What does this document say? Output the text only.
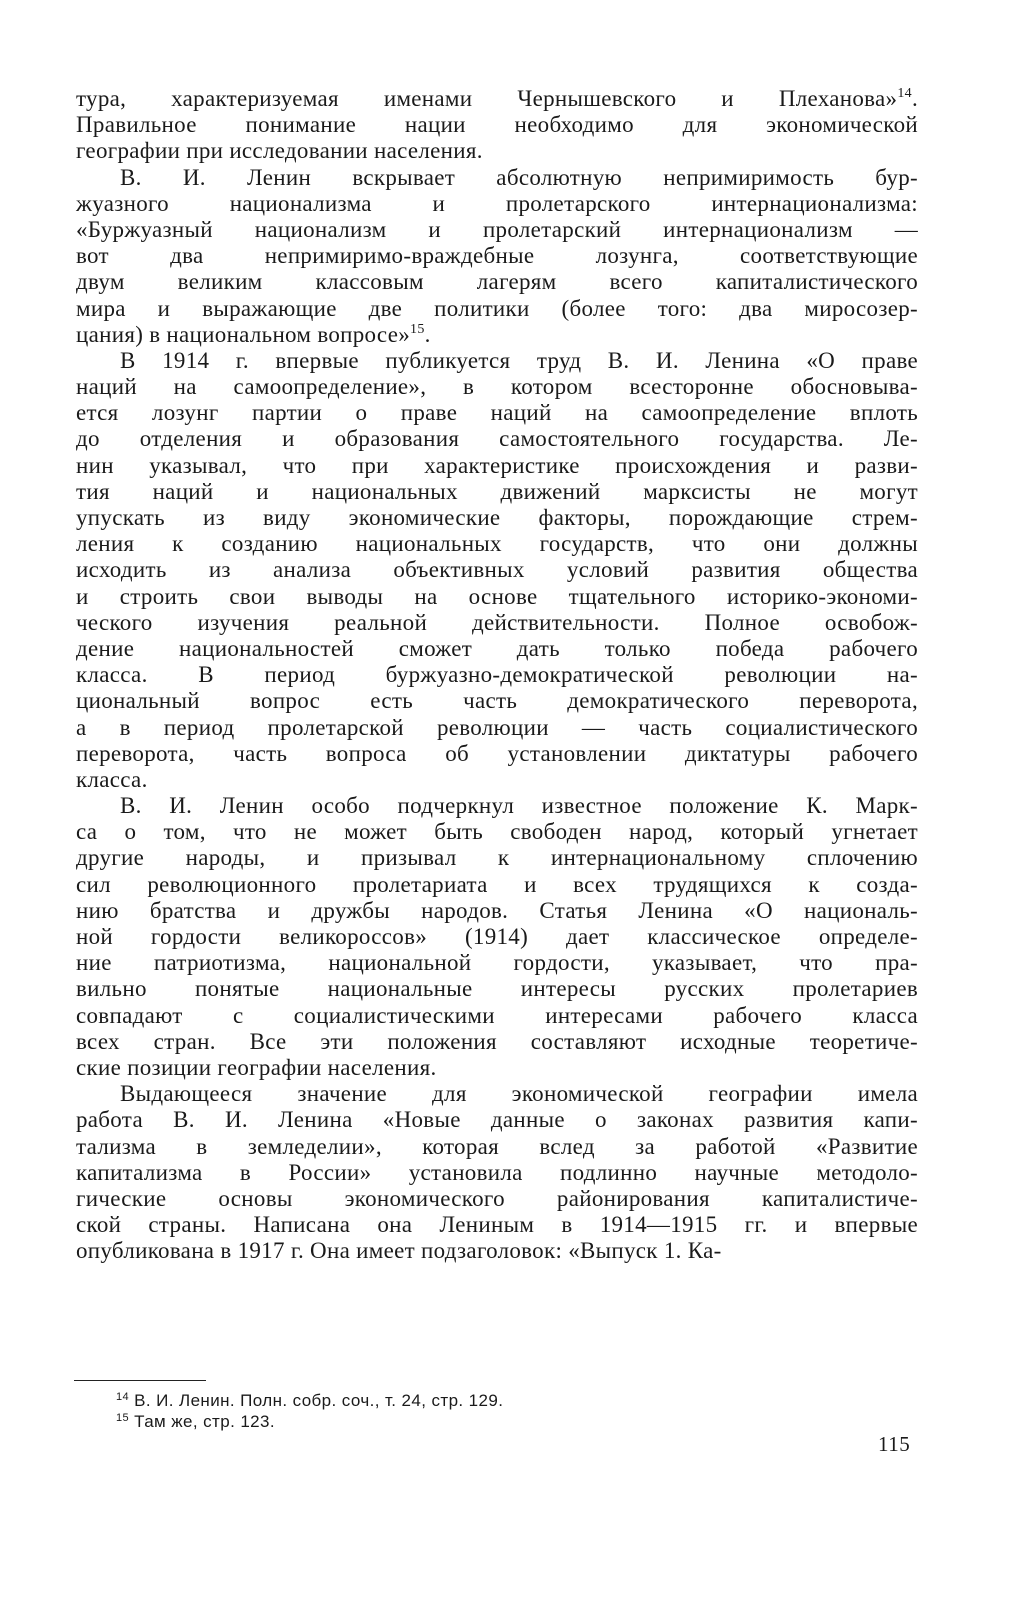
тура, характеризуемая именами Чернышевского и Плеханова»$^{14}$.
Правильное понимание нации необходимо для экономической
географии при исследовании населения.
В. И. Ленин вскрывает абсолютную непримиримость бур-
жуазного национализма и пролетарского интернационализма:
«Буржуазный национализм и пролетарский интернационализм —
вот два непримиримо-враждебные лозунга, соответствующие
двум великим классовым лагерям всего капиталистического
мира и выражающие две политики (более того: два миросозер-
цания) в национальном вопросе»$^{15}$.
В 1914 г. впервые публикуется труд В. И. Ленина «О праве
наций на самоопределение», в котором всесторонне обосновыва-
ется лозунг партии о праве наций на самоопределение вплоть
до отделения и образования самостоятельного государства. Ле-
нин указывал, что при характеристике происхождения и разви-
тия наций и национальных движений марксисты не могут
упускать из виду экономические факторы, порождающие стрем-
ления к созданию национальных государств, что они должны
исходить из анализа объективных условий развития общества
и строить свои выводы на основе тщательного историко-экономи-
ческого изучения реальной действительности. Полное освобож-
дение национальностей сможет дать только победа рабочего
класса. В период буржуазно-демократической революции на-
циональный вопрос есть часть демократического переворота,
а в период пролетарской революции — часть социалистического
переворота, часть вопроса об установлении диктатуры рабочего
класса.
В. И. Ленин особо подчеркнул известное положение К. Марк-
са о том, что не может быть свободен народ, который угнетает
другие народы, и призывал к интернациональному сплочению
сил революционного пролетариата и всех трудящихся к созда-
нию братства и дружбы народов. Статья Ленина «О националь-
ной гордости великороссов» (1914) дает классическое определе-
ние патриотизма, национальной гордости, указывает, что пра-
вильно понятые национальные интересы русских пролетариев
совпадают с социалистическими интересами рабочего класса
всех стран. Все эти положения составляют исходные теоретиче-
ские позиции географии населения.
Выдающееся значение для экономической географии имела
работа В. И. Ленина «Новые данные о законах развития капи-
тализма в земледелии», которая вслед за работой «Развитие
капитализма в России» установила подлинно научные методоло-
гические основы экономического районирования капиталистиче-
ской страны. Написана она Лениным в 1914—1915 гг. и впервые
опубликована в 1917 г. Она имеет подзаголовок: «Выпуск 1. Ка-
$^{14}$ В. И. Ленин. Полн. собр. соч., т. 24, стр. 129.
$^{15}$ Там же, стр. 123.
115
